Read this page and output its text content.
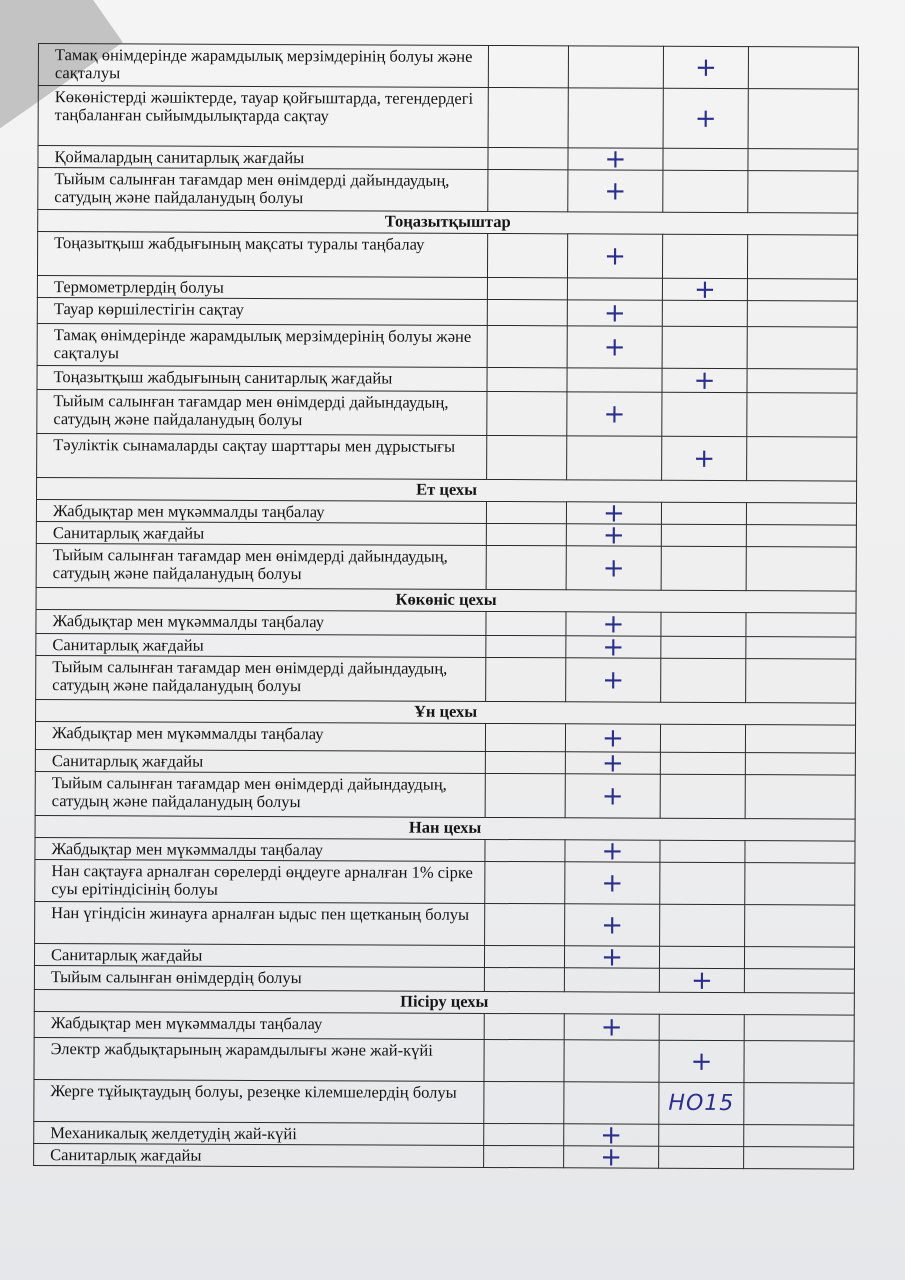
Тамақ өнімдерінде жарамдылық мерзімдерінің болуы және сақталуы			+	
Көкөністерді жәшіктерде, тауар қойғыштарда, тегендердегі таңбаланған сыйымдылықтарда сақтау			+	
Қоймалардың санитарлық жағдайы		+		
Тыйым салынған тағамдар мен өнімдерді дайындаудың, сатудың және пайдаланудың болуы		+		
Тоңазытқыштар				
Тоңазытқыш жабдығының мақсаты туралы таңбалау		+		
Термометрлердің болуы			+	
Тауар көршілестігін сақтау		+		
Тамақ өнімдерінде жарамдылық мерзімдерінің болуы және сақталуы		+		
Тоңазытқыш жабдығының санитарлық жағдайы			+	
Тыйым салынған тағамдар мен өнімдерді дайындаудың, сатудың және пайдаланудың болуы		+		
Тәуліктік сынамаларды сақтау шарттары мен дұрыстығы			+	
Ет цехы				
Жабдықтар мен мүкәммалды таңбалау		+		
Санитарлық жағдайы		+		
Тыйым салынған тағамдар мен өнімдерді дайындаудың, сатудың және пайдаланудың болуы		+		
Көкөніс цехы				
Жабдықтар мен мүкәммалды таңбалау		+		
Санитарлық жағдайы		+		
Тыйым салынған тағамдар мен өнімдерді дайындаудың, сатудың және пайдаланудың болуы		+		
Ұн цехы				
Жабдықтар мен мүкәммалды таңбалау		+		
Санитарлық жағдайы		+		
Тыйым салынған тағамдар мен өнімдерді дайындаудың, сатудың және пайдаланудың болуы		+		
Нан цехы				
Жабдықтар мен мүкәммалды таңбалау		+		
Нан сақтауға арналған сөрелерді өңдеуге арналған 1% сірке суы ерітіндісінің болуы		+		
Нан үгіндісін жинауға арналған ыдыс пен щетканың болуы		+		
Санитарлық жағдайы		+		
Тыйым салынған өнімдердің болуы			+	
Пісіру цехы				
Жабдықтар мен мүкәммалды таңбалау		+		
Электр жабдықтарының жарамдылығы және жай-күйі			+	
Жерге тұйықтаудың болуы, резеңке кілемшелердің болуы			НО15	
Механикалық желдетудің жай-күйі		+		
Санитарлық жағдайы		+		
